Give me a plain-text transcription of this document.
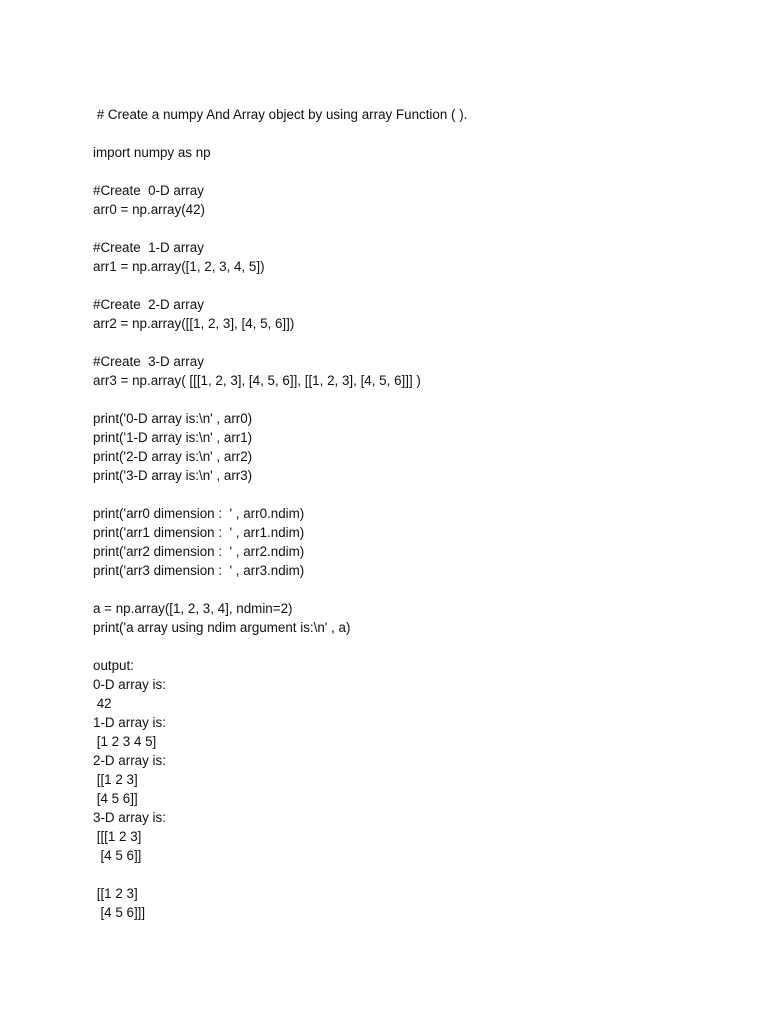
# Create a numpy And Array object by using array Function ( ).
import numpy as np
#Create  0-D array
arr0 = np.array(42)
#Create  1-D array
arr1 = np.array([1, 2, 3, 4, 5])
#Create  2-D array
arr2 = np.array([[1, 2, 3], [4, 5, 6]])
#Create  3-D array
arr3 = np.array( [[[1, 2, 3], [4, 5, 6]], [[1, 2, 3], [4, 5, 6]]] )
print('0-D array is:\n' , arr0)
print('1-D array is:\n' , arr1)
print('2-D array is:\n' , arr2)
print('3-D array is:\n' , arr3)
print('arr0 dimension :  ' , arr0.ndim)
print('arr1 dimension :  ' , arr1.ndim)
print('arr2 dimension :  ' , arr2.ndim)
print('arr3 dimension :  ' , arr3.ndim)
a = np.array([1, 2, 3, 4], ndmin=2)
print('a array using ndim argument is:\n' , a)
output:
0-D array is:
42
1-D array is:
[1 2 3 4 5]
2-D array is:
[[1 2 3]
[4 5 6]]
3-D array is:
[[[1 2 3]
[4 5 6]]
[[1 2 3]
[4 5 6]]]
